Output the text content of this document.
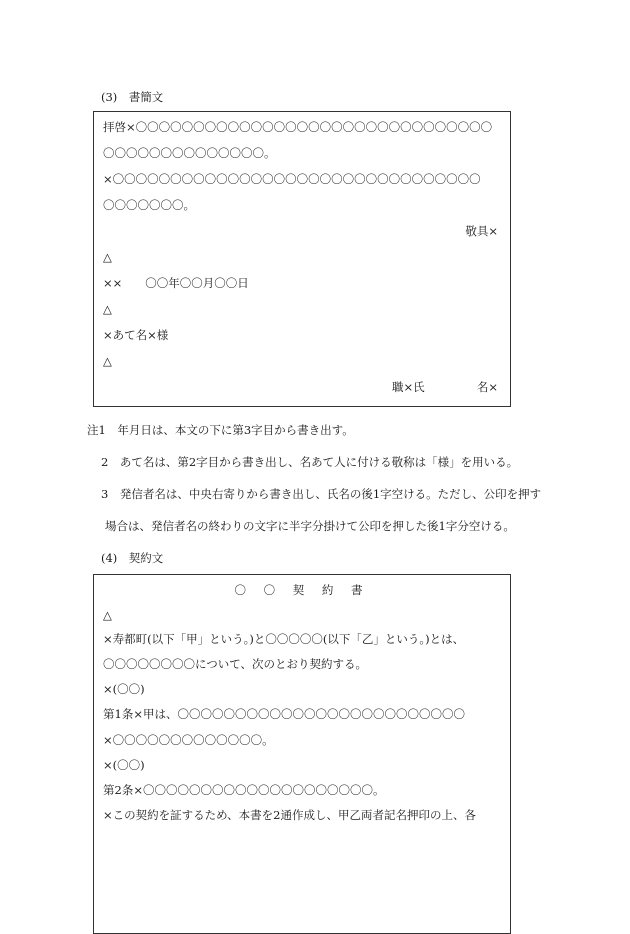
(3)　書簡文
拝啓×〇〇〇〇〇〇〇〇〇〇〇〇〇〇〇〇〇〇〇〇〇〇〇〇〇〇〇〇〇〇〇
〇〇〇〇〇〇〇〇〇〇〇〇〇〇。
×〇〇〇〇〇〇〇〇〇〇〇〇〇〇〇〇〇〇〇〇〇〇〇〇〇〇〇〇〇〇〇〇
〇〇〇〇〇〇〇。
敬具×
△
××　　〇〇年〇〇月〇〇日
△
×あて名×様
△
職×氏	名×
注1　年月日は、本文の下に第3字目から書き出す。
2　あて名は、第2字目から書き出し、名あて人に付ける敬称は「様」を用いる。
3　発信者名は、中央右寄りから書き出し、氏名の後1字空ける。ただし、公印を押す
場合は、発信者名の終わりの文字に半字分掛けて公印を押した後1字分空ける。
(4)　契約文
〇 〇 契 約 書
△
×寿都町(以下「甲」という。)と〇〇〇〇〇(以下「乙」という。)とは、
〇〇〇〇〇〇〇〇について、次のとおり契約する。
×(〇〇)
第1条×甲は、〇〇〇〇〇〇〇〇〇〇〇〇〇〇〇〇〇〇〇〇〇〇〇〇〇
×〇〇〇〇〇〇〇〇〇〇〇〇〇。
×(〇〇)
第2条×〇〇〇〇〇〇〇〇〇〇〇〇〇〇〇〇〇〇〇〇。
×この契約を証するため、本書を2通作成し、甲乙両者記名押印の上、各
